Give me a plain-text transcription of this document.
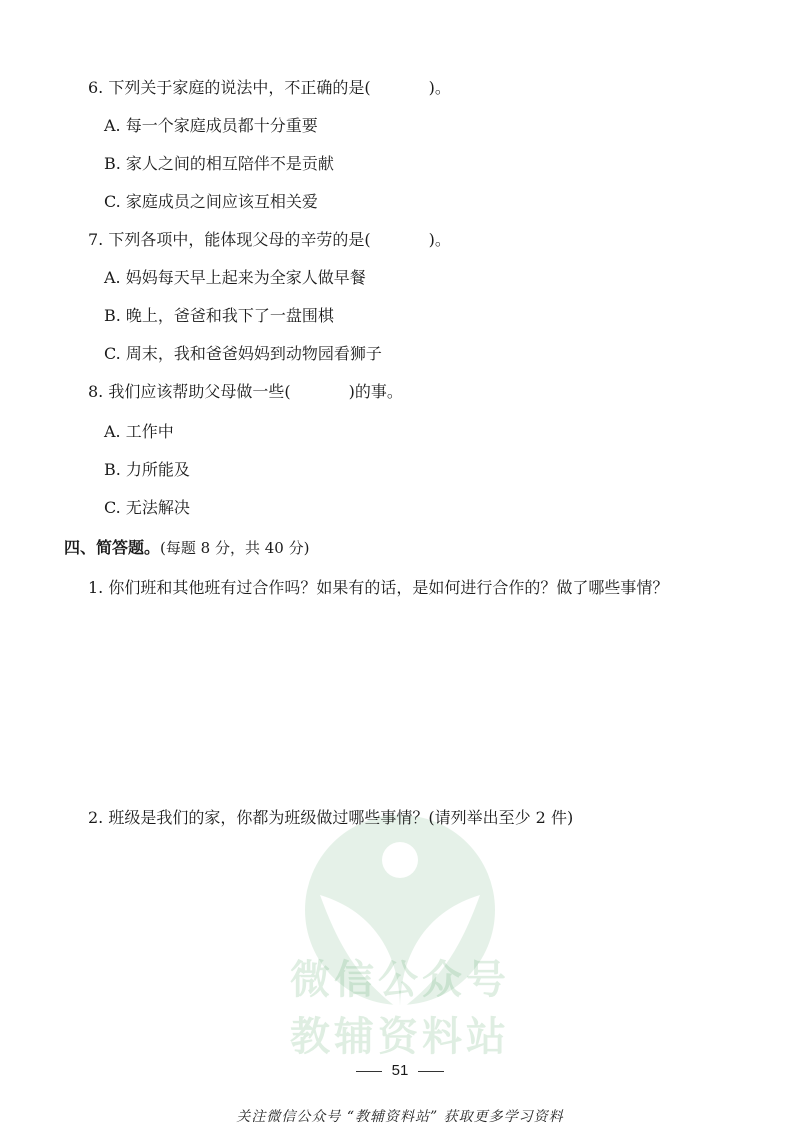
微信公众号
教辅资料站
6. 下列关于家庭的说法中，不正确的是(	)。
A. 每一个家庭成员都十分重要
B. 家人之间的相互陪伴不是贡献
C. 家庭成员之间应该互相关爱
7. 下列各项中，能体现父母的辛劳的是(	)。
A. 妈妈每天早上起来为全家人做早餐
B. 晚上，爸爸和我下了一盘围棋
C. 周末，我和爸爸妈妈到动物园看狮子
8. 我们应该帮助父母做一些(	)的事。
A. 工作中
B. 力所能及
C. 无法解决
四、简答题。(每题 8 分，共 40 分)
1. 你们班和其他班有过合作吗？如果有的话，是如何进行合作的？做了哪些事情？
2. 班级是我们的家，你都为班级做过哪些事情？(请列举出至少 2 件)
51
关注微信公众号 “教辅资料站” 获取更多学习资料
